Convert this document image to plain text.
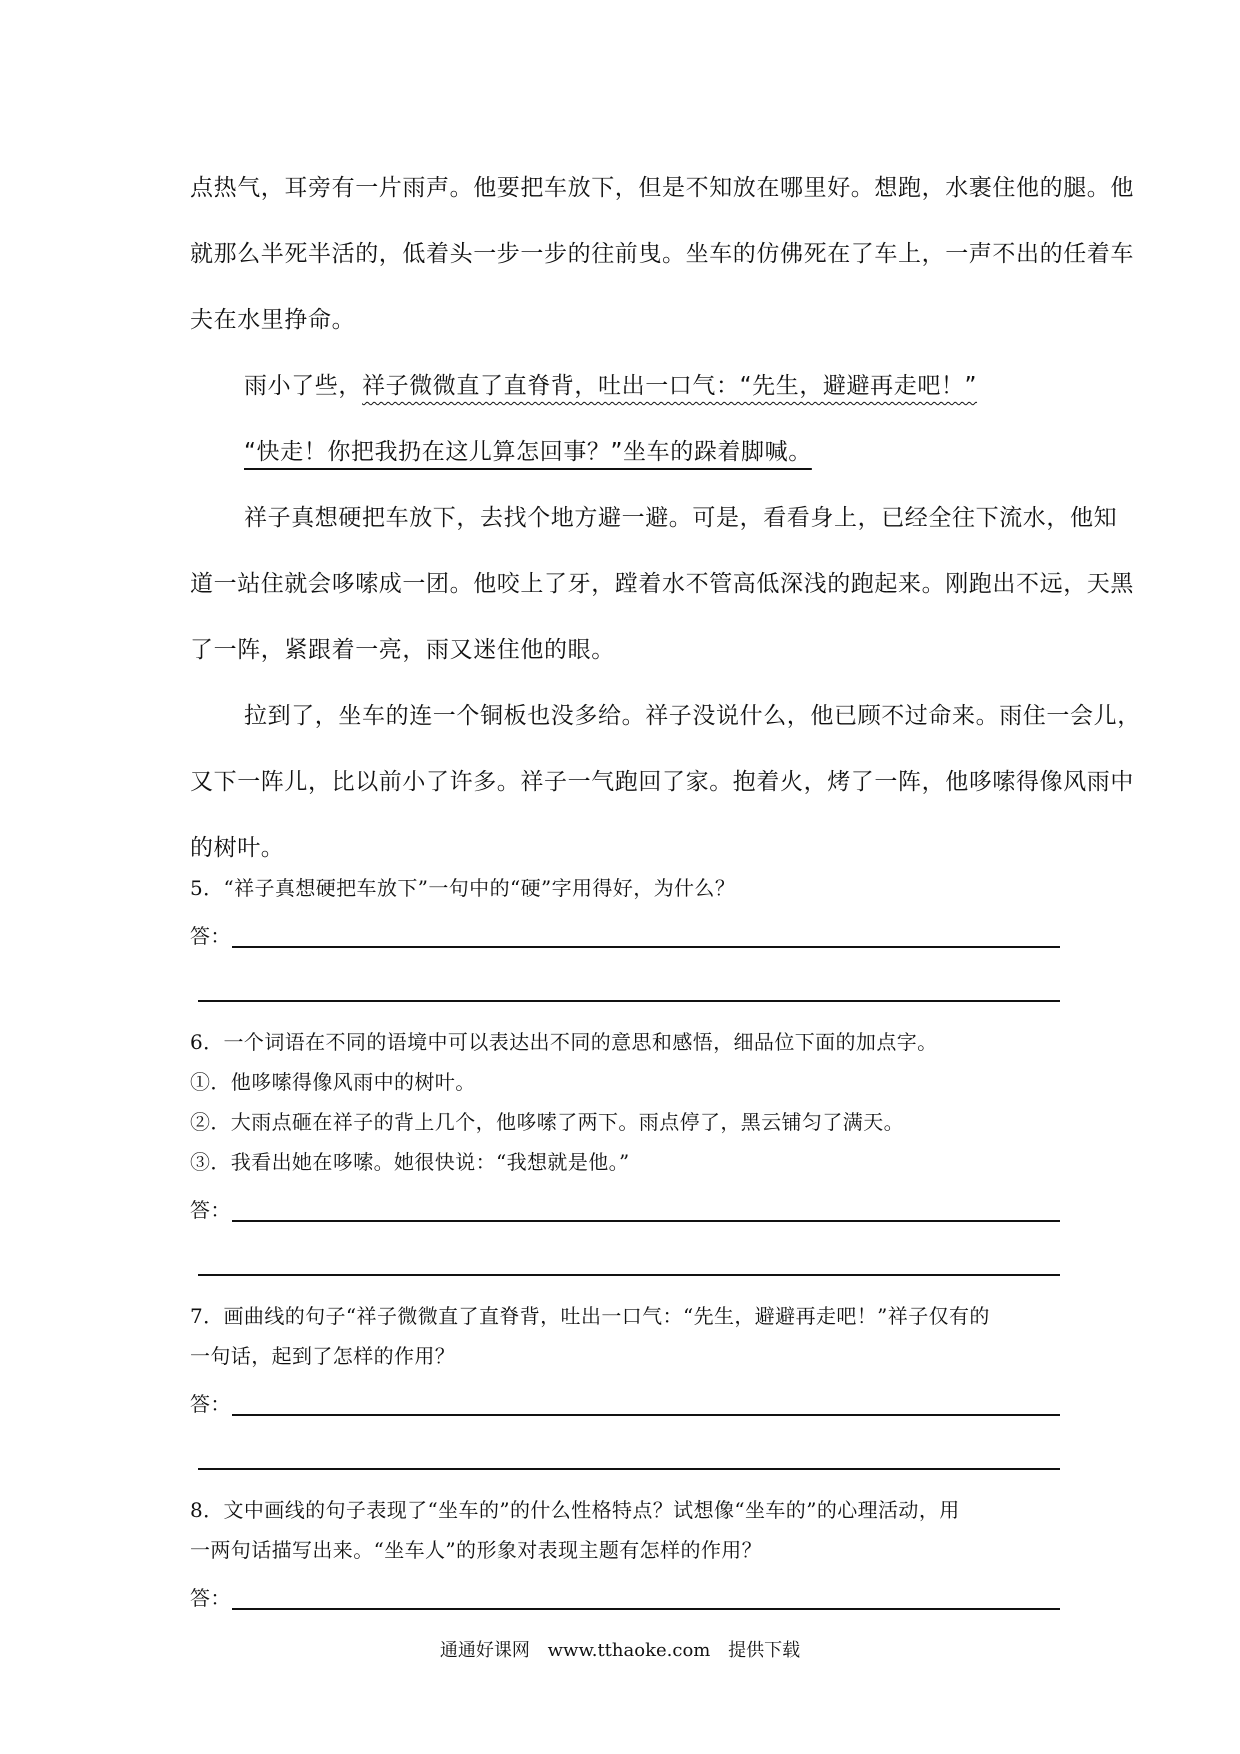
点热气，耳旁有一片雨声。他要把车放下，但是不知放在哪里好。想跑，水裹住他的腿。他
就那么半死半活的，低着头一步一步的往前曳。坐车的仿佛死在了车上，一声不出的任着车
夫在水里挣命。
雨小了些，祥子微微直了直脊背，吐出一口气：“先生，避避再走吧！”
“快走！你把我扔在这儿算怎回事？”坐车的跺着脚喊。
祥子真想硬把车放下，去找个地方避一避。可是，看看身上，已经全往下流水，他知
道一站住就会哆嗦成一团。他咬上了牙，蹚着水不管高低深浅的跑起来。刚跑出不远，天黑
了一阵，紧跟着一亮，雨又迷住他的眼。
拉到了，坐车的连一个铜板也没多给。祥子没说什么，他已顾不过命来。雨住一会儿，
又下一阵儿，比以前小了许多。祥子一气跑回了家。抱着火，烤了一阵，他哆嗦得像风雨中
的树叶。
5．“祥子真想硬把车放下”一句中的“硬”字用得好，为什么？
答：
6．一个词语在不同的语境中可以表达出不同的意思和感悟，细品位下面的加点字。
①．他哆嗦得像风雨中的树叶。
②．大雨点砸在祥子的背上几个，他哆嗦了两下。雨点停了，黑云铺匀了满天。
③．我看出她在哆嗦。她很快说：“我想就是他。”
答：
7．画曲线的句子“祥子微微直了直脊背，吐出一口气：“先生，避避再走吧！”祥子仅有的
一句话，起到了怎样的作用？
答：
8．文中画线的句子表现了“坐车的”的什么性格特点？试想像“坐车的”的心理活动，用
一两句话描写出来。“坐车人”的形象对表现主题有怎样的作用？
答：
通通好课网 www.tthaoke.com 提供下载
